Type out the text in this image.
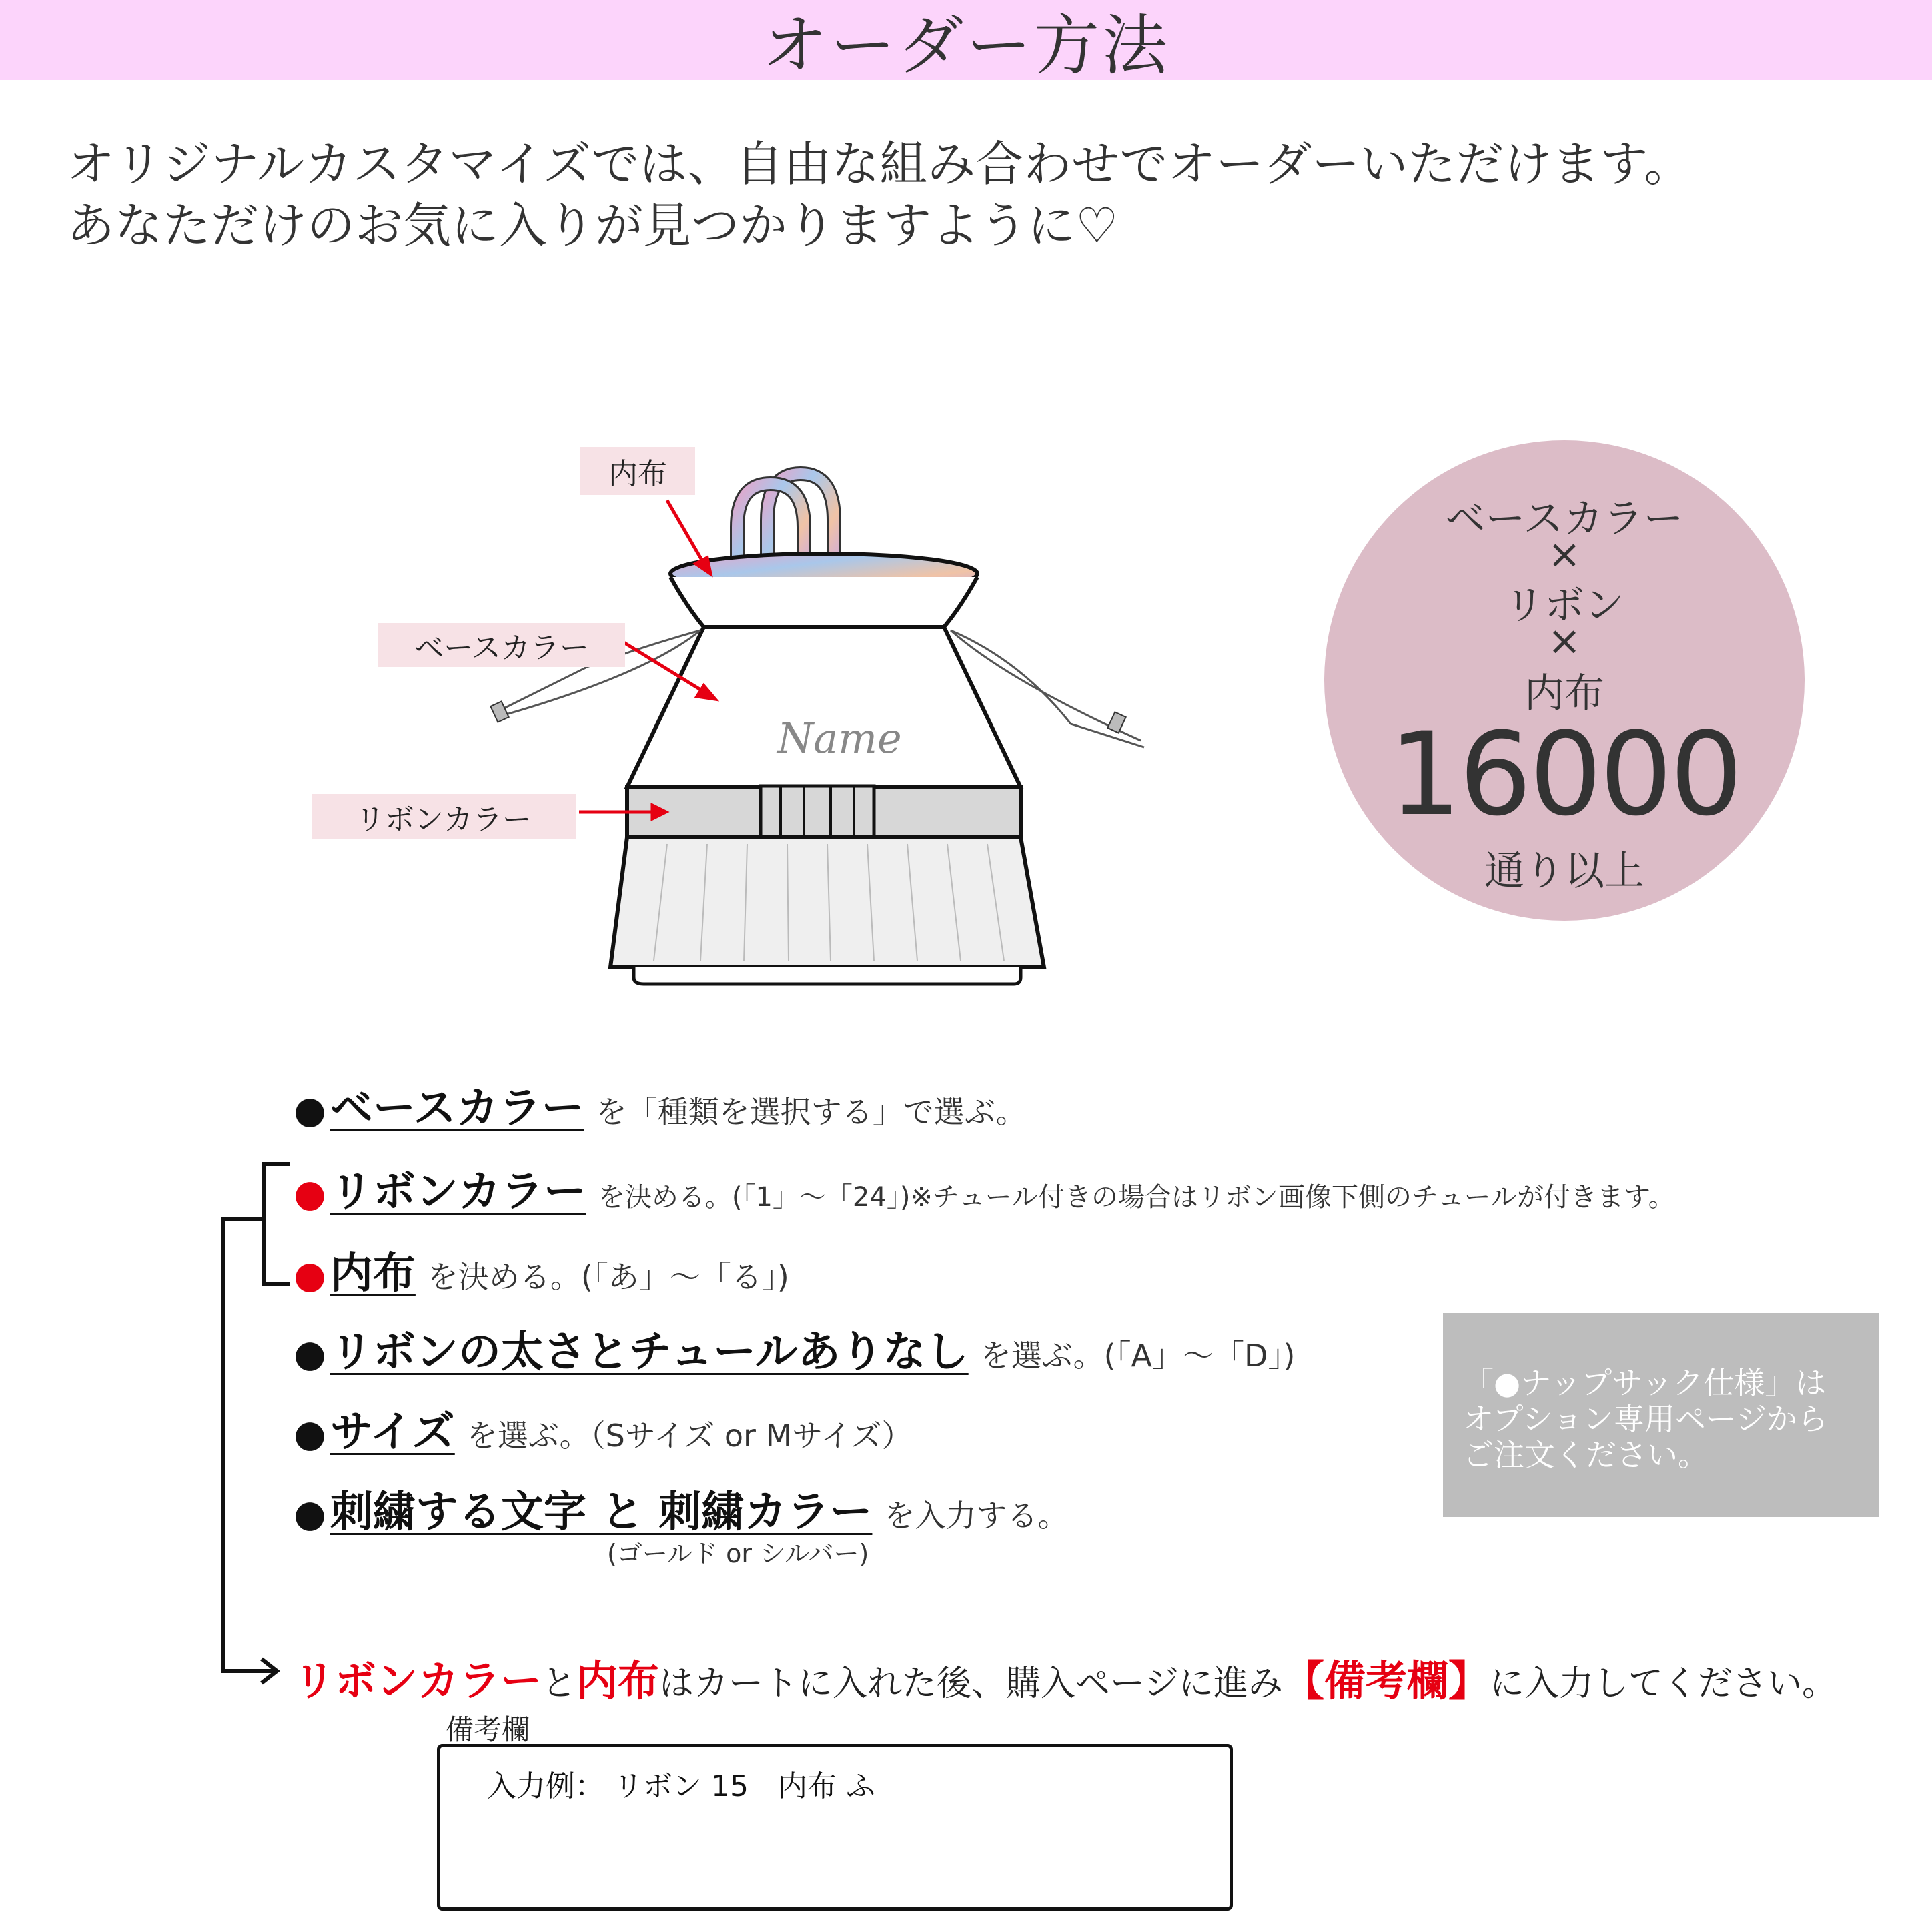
オーダー方法
オリジナルカスタマイズでは、自由な組み合わせでオーダーいただけます。
あなただけのお気に入りが見つかりますように♡
内布
ベースカラー
リボンカラー
Name
ベースカラー
×
リボン
×
内布
16000
通り以上
● ベースカラー を「種類を選択する」で選ぶ。
● リボンカラー を決める。(「1」～「24」)※チュール付きの場合はリボン画像下側のチュールが付きます。
● 内布 を決める。(「あ」～「る」)
● リボンの太さとチュールありなし を選ぶ。(「A」～「D」)
● サイズ を選ぶ。（Sサイズ or Mサイズ）
● 刺繍する文字 と 刺繍カラー を入力する。
(ゴールド or シルバー)
「●ナップサック仕様」は
オプション専用ページから
ご注文ください。
リボンカラー と 内布 はカートに入れた後、購入ページに進み 【備考欄】 に入力してください。
備考欄
入力例： リボン 15　内布 ふ
